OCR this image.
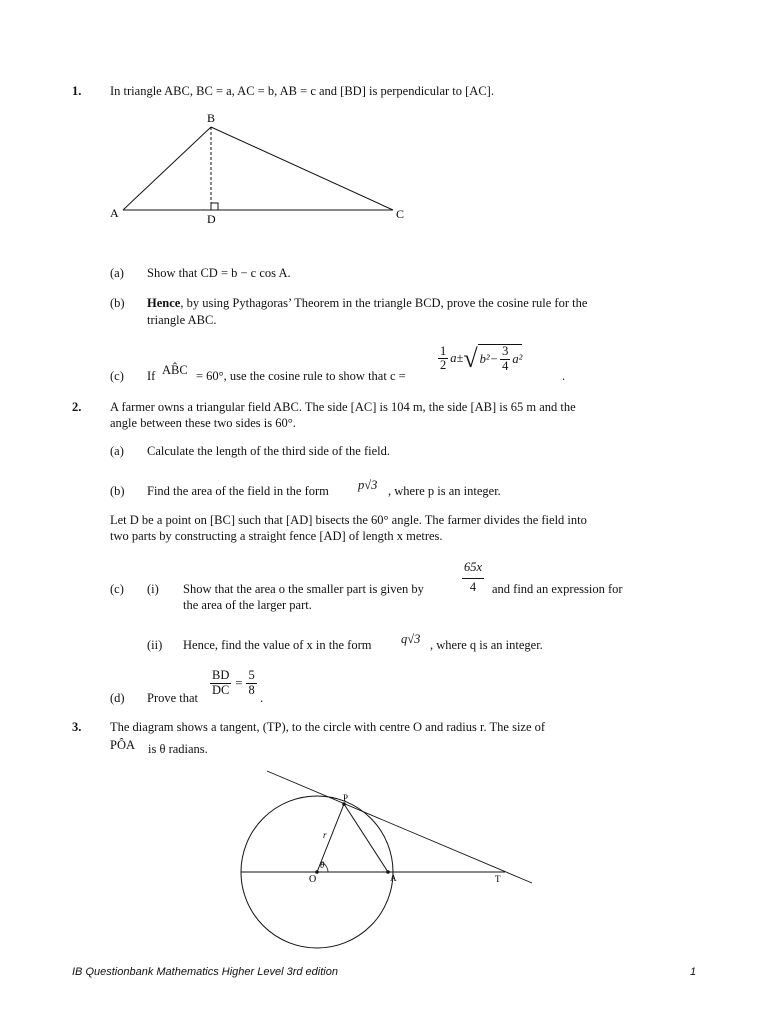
1. In triangle ABC, BC = a, AC = b, AB = c and [BD] is perpendicular to [AC].
B
A	D	C
(a) Show that CD = b − c cos A.
(b) Hence, by using Pythagoras’ Theorem in the triangle BCD, prove the cosine rule for the
triangle ABC.
(c) If AB̂C = 60°, use the cosine rule to show that c =
$\frac{1}{2} a\pm$ √ $b^2- \frac{3}{4} a^2$
.
2. A farmer owns a triangular field ABC. The side [AC] is 104 m, the side [AB] is 65 m and the
angle between these two sides is 60°.
(a) Calculate the length of the third side of the field.
(b) Find the area of the field in the form p√3 , where p is an integer.
Let D be a point on [BC] such that [AD] bisects the 60° angle. The farmer divides the field into
two parts by constructing a straight fence [AD] of length x metres.
(c) (i) Show that the area o the smaller part is given by	$\frac{65x}{4}$ and find an expression for
the area of the larger part.
(ii) Hence, find the value of x in the form q√3 , where q is an integer.
(d) Prove that
$\frac{BD}{DC} = \frac{5}{8}$
.
3. The diagram shows a tangent, (TP), to the circle with centre O and radius r. The size of
PÔA is θ radians.
P
O	A	T
r
θ
IB Questionbank Mathematics Higher Level 3rd edition	1
